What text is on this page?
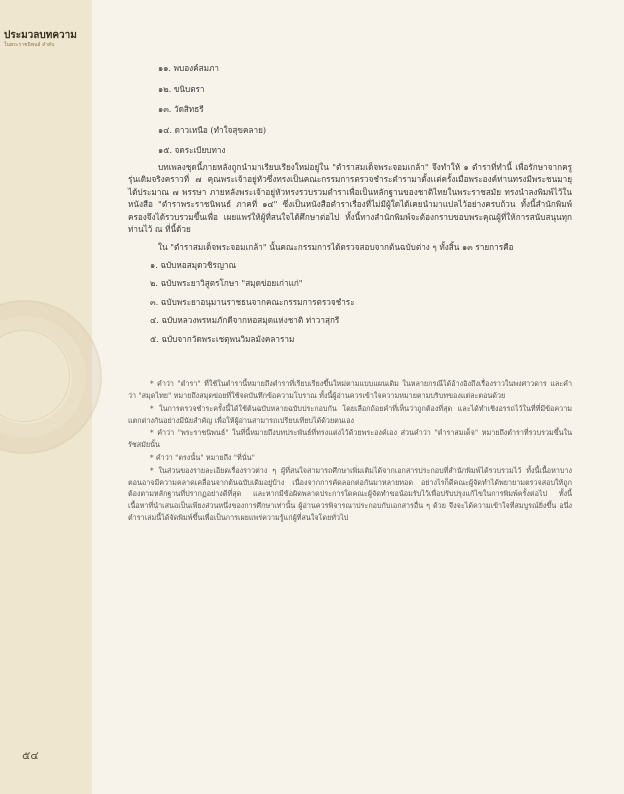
ประมวลบทความ
ในพระราชนิพนธ์ ลำดับ
๕๔
๑๑. พบองค์สมภา
๑๒. ขนิบตรา
๑๓. วัดสิทธรี
๑๔. ดาวเหนือ (ทำใจสุขคลาย)
๑๕. จดระเบียบทาง

บทเพลงชุดนี้ภายหลังถูกนำมาเรียบเรียงใหม่อยู่ใน "ตำราสมเด็จพระจอมเกล้า" จึงทำให้ ๑ ตำราที่ทำนี้ เพื่อรักษาจากครูรุ่นเดิมจริงคราวที่ ๗ คุณพระเจ้าอยู่หัวซึ่งทรงเป็นคณะกรรมการตรวจชำระตำรามาตั้งเเต่ครั้งเมื่อพระองค์ท่านทรงมีพระชนมายุได้ประมาณ ๗ พรรษา ภายหลังพระเจ้าอยู่หัวทรงรวบรวมตำราเพื่อเป็นหลักฐานของชาติไทยในพระราชสมัย ทรงนำลงพิมพ์ไว้ในหนังสือ "ตำราพระราชนิพนธ์ ภาคที่ ๑๔" ซึ่งเป็นหนังสือตำราเรื่องที่ไม่มีผู้ใดได้เคยนำมาแปลไว้อย่างครบถ้วน ทั้งนี้สำนักพิมพ์ครองจึงได้รวบรวมขึ้นเพื่อ เผยแพร่ให้ผู้ที่สนใจได้ศึกษาต่อไป ทั้งนี้ทางสำนักพิมพ์จะต้องกราบขอบพระคุณผู้ที่ให้การสนับสนุนทุกท่านไว้ ณ ที่นี้ด้วย

ใน "ตำราสมเด็จพระจอมเกล้า" นั้นคณะกรรมการได้ตรวจสอบจากต้นฉบับต่าง ๆ ทั้งสิ้น ๑๓ รายการคือ

๑. ฉบับหอสมุดวชิรญาณ
๒. ฉบับพระยาวิสูตรโกษา "สมุดข่อยเก่าแก่"
๓. ฉบับพระยาอนุมานราชธนจากคณะกรรมการตรวจชำระ
๔. ฉบับหลวงพรหมภักดีจากหอสมุดแห่งชาติ ท่าวาสุกรี
๕. ฉบับจากวัดพระเชตุพนวิมลมังคลาราม

* คำว่า "ตำรา" ที่ใช้ในตำรานี้หมายถึงตำราที่เรียบเรียงขึ้นใหม่ตามแบบแผนเดิม ในหลายกรณีได้อ้างอิงถึงเรื่องราวในพงศาวดาร และคำว่า "สมุดไทย" หมายถึงสมุดข่อยที่ใช้จดบันทึกข้อความโบราณ ทั้งนี้ผู้อ่านควรเข้าใจความหมายตามบริบทของแต่ละตอนด้วย

* ในการตรวจชำระครั้งนี้ได้ใช้ต้นฉบับหลายฉบับประกอบกัน โดยเลือกถ้อยคำที่เห็นว่าถูกต้องที่สุด และได้ทำเชิงอรรถไว้ในที่ที่มีข้อความแตกต่างกันอย่างมีนัยสำคัญ เพื่อให้ผู้อ่านสามารถเปรียบเทียบได้ด้วยตนเอง

* คำว่า "พระราชนิพนธ์" ในที่นี้หมายถึงบทประพันธ์ที่ทรงแต่งไว้ด้วยพระองค์เอง ส่วนคำว่า "ตำราสมเด็จ" หมายถึงตำราที่รวบรวมขึ้นในรัชสมัยนั้น

* คำว่า "ตรงนั้น" หมายถึง "ที่นั่น"

* ในส่วนของรายละเอียดเรื่องราวต่าง ๆ ผู้ที่สนใจสามารถศึกษาเพิ่มเติมได้จากเอกสารประกอบที่สำนักพิมพ์ได้รวบรวมไว้ ทั้งนี้เนื้อหาบางตอนอาจมีความคลาดเคลื่อนจากต้นฉบับเดิมอยู่บ้าง เนื่องจากการคัดลอกต่อกันมาหลายทอด อย่างไรก็ดีคณะผู้จัดทำได้พยายามตรวจสอบให้ถูกต้องตามหลักฐานที่ปรากฏอย่างดีที่สุด และหากมีข้อผิดพลาดประการใดคณะผู้จัดทำขอน้อมรับไว้เพื่อปรับปรุงแก้ไขในการพิมพ์ครั้งต่อไป ทั้งนี้เนื้อหาที่นำเสนอเป็นเพียงส่วนหนึ่งของการศึกษาเท่านั้น ผู้อ่านควรพิจารณาประกอบกับเอกสารอื่น ๆ ด้วย จึงจะได้ความเข้าใจที่สมบูรณ์ยิ่งขึ้น อนึ่ง ตำราเล่มนี้ได้จัดพิมพ์ขึ้นเพื่อเป็นการเผยแพร่ความรู้แก่ผู้ที่สนใจโดยทั่วไป
